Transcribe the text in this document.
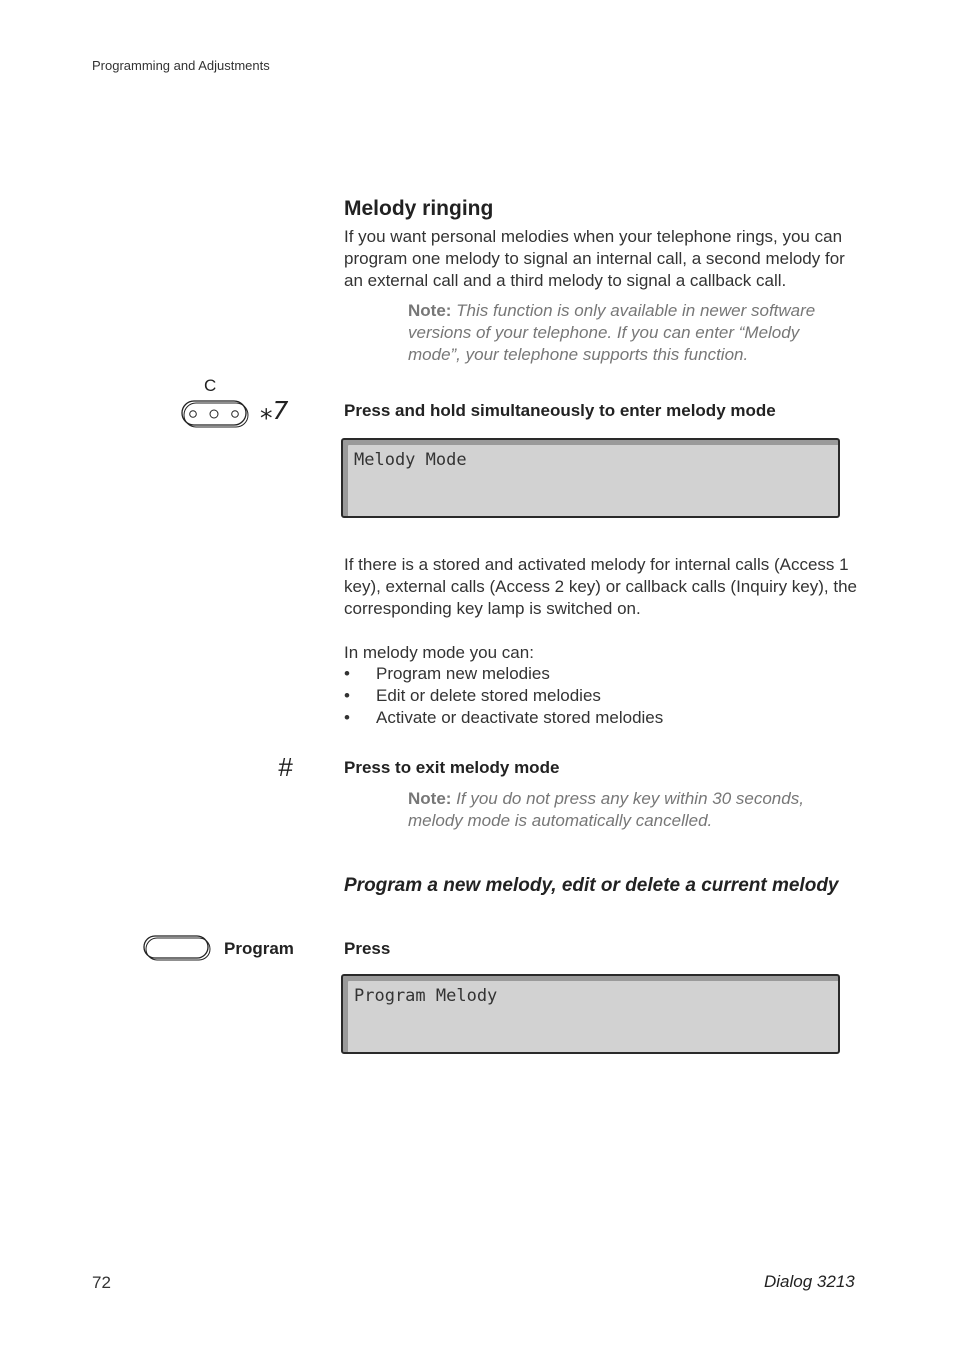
Programming and Adjustments
Melody ringing
If you want personal melodies when your telephone rings, you can program one melody to signal an internal call, a second melody for an external call and a third melody to signal a callback call.
Note: This function is only available in newer software versions of your telephone. If you can enter “Melody mode”, your telephone supports this function.
C
⁎7	Press and hold simultaneously to enter melody mode
Melody Mode
If there is a stored and activated melody for internal calls (Access 1 key), external calls (Access 2 key) or callback calls (Inquiry key), the corresponding key lamp is switched on.
In melody mode you can:
• Program new melodies
• Edit or delete stored melodies
• Activate or deactivate stored melodies
#	Press to exit melody mode
Note: If you do not press any key within 30 seconds, melody mode is automatically cancelled.
Program a new melody, edit or delete a current melody
Program	Press
Program Melody
72	Dialog 3213
